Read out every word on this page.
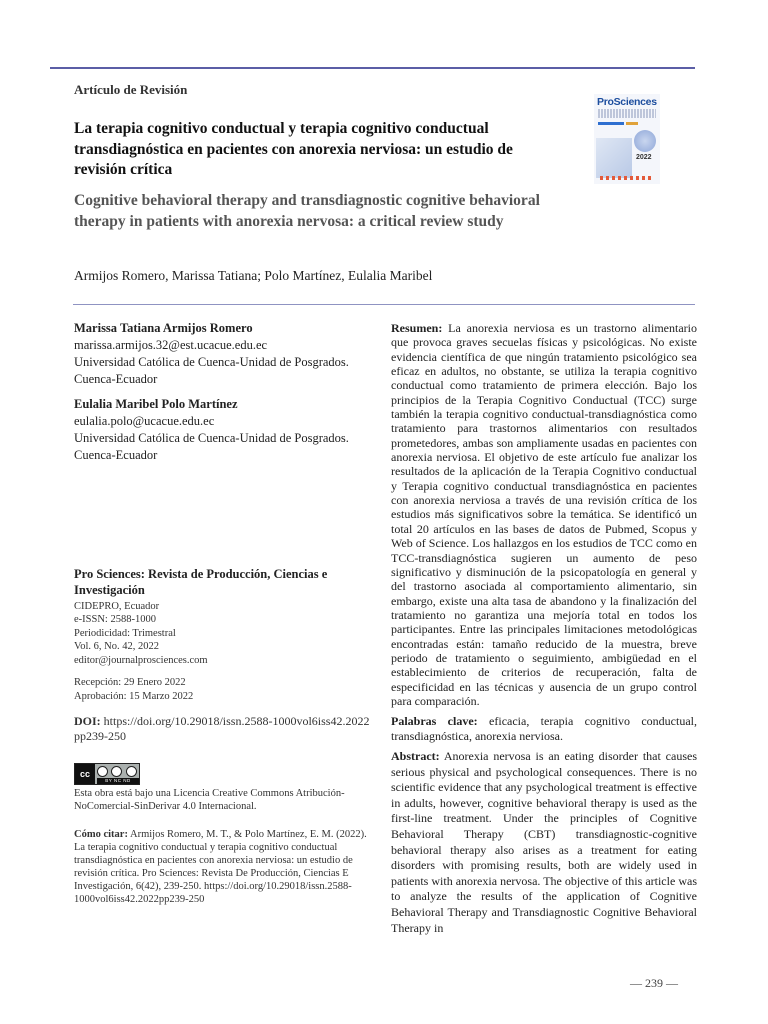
Artículo de Revisión
La terapia cognitivo conductual y terapia cognitivo conductual transdiagnóstica en pacientes con anorexia nerviosa: un estudio de revisión crítica
Cognitive behavioral therapy and transdiagnostic cognitive behavioral therapy in patients with anorexia nervosa: a critical review study
Armijos Romero, Marissa Tatiana; Polo Martínez, Eulalia Maribel
ProSciences
2022
Marissa Tatiana Armijos Romero
marissa.armijos.32@est.ucacue.edu.ec
Universidad Católica de Cuenca-Unidad de Posgrados. Cuenca-Ecuador
Eulalia Maribel Polo Martínez
eulalia.polo@ucacue.edu.ec
Universidad Católica de Cuenca-Unidad de Posgrados. Cuenca-Ecuador
Pro Sciences: Revista de Producción, Ciencias e Investigación
CIDEPRO, Ecuador
e-ISSN: 2588-1000
Periodicidad: Trimestral
Vol. 6, No. 42, 2022
editor@journalprosciences.com
Recepción: 29 Enero 2022
Aprobación: 15 Marzo 2022
DOI: https://doi.org/10.29018/issn.2588-1000vol6iss42.2022pp239-250
cc
BY NC ND
Esta obra está bajo una Licencia Creative Commons Atribución-NoComercial-SinDerivar 4.0 Internacional.
Cómo citar: Armijos Romero, M. T., & Polo Martínez, E. M. (2022). La terapia cognitivo conductual y terapia cognitivo conductual transdiagnóstica en pacientes con anorexia nerviosa: un estudio de revisión crítica. Pro Sciences: Revista De Producción, Ciencias E Investigación, 6(42), 239-250. https://doi.org/10.29018/issn.2588-1000vol6iss42.2022pp239-250

Resumen: La anorexia nerviosa es un trastorno alimentario que provoca graves secuelas físicas y psicológicas. No existe evidencia científica de que ningún tratamiento psicológico sea eficaz en adultos, no obstante, se utiliza la terapia cognitivo conductual como tratamiento de primera elección. Bajo los principios de la Terapia Cognitivo Conductual (TCC) surge también la terapia cognitivo conductual-transdiagnóstica como tratamiento para trastornos alimentarios con resultados prometedores, ambas son ampliamente usadas en pacientes con anorexia nerviosa. El objetivo de este artículo fue analizar los resultados de la aplicación de la Terapia Cognitivo conductual y Terapia cognitivo conductual transdiagnóstica en pacientes con anorexia nerviosa a través de una revisión crítica de los estudios más significativos sobre la temática. Se identificó un total 20 artículos en las bases de datos de Pubmed, Scopus y Web of Science. Los hallazgos en los estudios de TCC como en TCC-transdiagnóstica sugieren un aumento de peso significativo y disminución de la psicopatología en general y del trastorno asociada al comportamiento alimentario, sin embargo, existe una alta tasa de abandono y la finalización del tratamiento no garantiza una mejoría total en todos los participantes. Entre las principales limitaciones metodológicas encontradas están: tamaño reducido de la muestra, breve periodo de tratamiento o seguimiento, ambigüedad en el establecimiento de criterios de recuperación, falta de especificidad en las técnicas y ausencia de un grupo control para comparación.

Palabras clave: eficacia, terapia cognitivo conductual, transdiagnóstica, anorexia nerviosa.

Abstract: Anorexia nervosa is an eating disorder that causes serious physical and psychological consequences. There is no scientific evidence that any psychological treatment is effective in adults, however, cognitive behavioral therapy is used as the first-line treatment. Under the principles of Cognitive Behavioral Therapy (CBT) transdiagnostic-cognitive behavioral therapy also arises as a treatment for eating disorders with promising results, both are widely used in patients with anorexia nervosa. The objective of this article was to analyze the results of the application of Cognitive Behavioral Therapy and Transdiagnostic Cognitive Behavioral Therapy in

— 239 —
